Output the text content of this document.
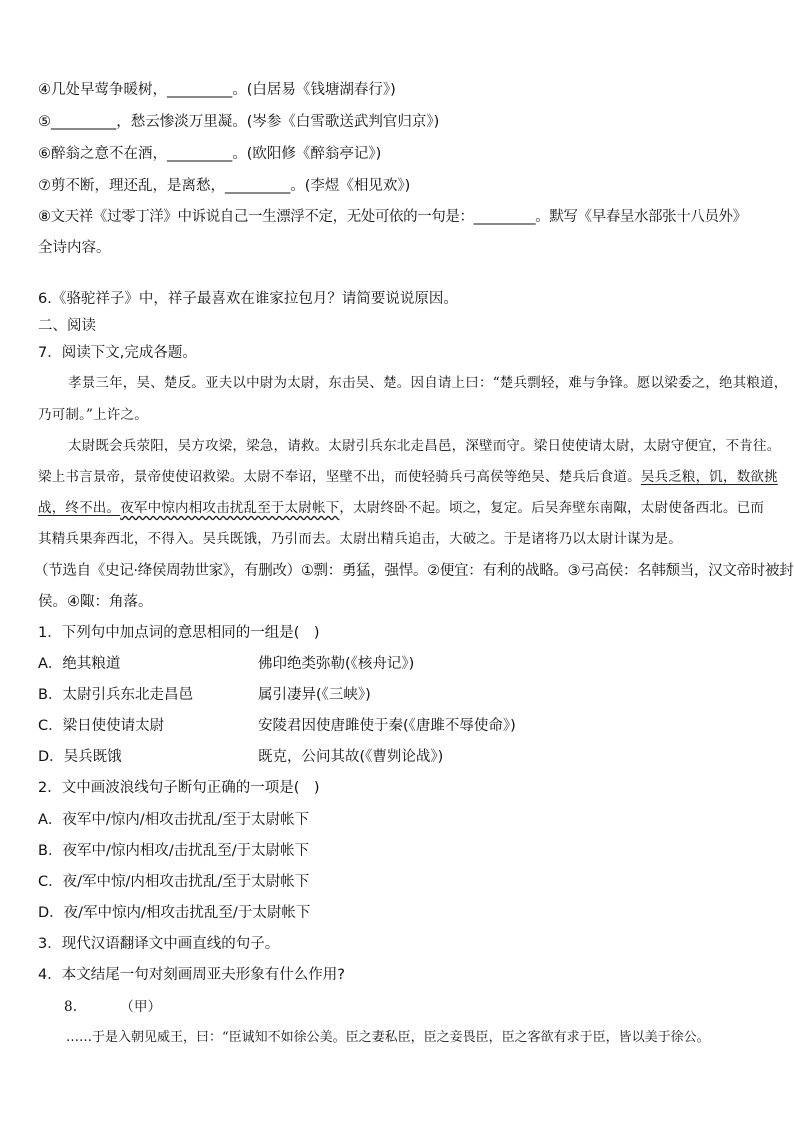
④几处早莺争暖树，_________。(白居易《钱塘湖春行》)
⑤_________，愁云惨淡万里凝。(岑参《白雪歌送武判官归京》)
⑥醉翁之意不在酒，_________。(欧阳修《醉翁亭记》)
⑦剪不断，理还乱，是离愁，_________。(李煜《相见欢》)
⑧文天祥《过零丁洋》中诉说自己一生漂浮不定，无处可依的一句是：_________。默写《早春呈水部张十八员外》
全诗内容。
6.《骆驼祥子》中，祥子最喜欢在谁家拉包月？请简要说说原因。
二、阅读
7．阅读下文,完成各题。
孝景三年，吴、楚反。亚夫以中尉为太尉，东击吴、楚。因自请上曰：“楚兵剽轻，难与争锋。愿以梁委之，绝其粮道，
乃可制。”上许之。
太尉既会兵荥阳，吴方攻梁，梁急，请救。太尉引兵东北走昌邑，深壁而守。梁日使使请太尉，太尉守便宜，不肯往。
梁上书言景帝，景帝使使诏救梁。太尉不奉诏，坚壁不出，而使轻骑兵弓高侯等绝吴、楚兵后食道。吴兵乏粮，饥，数欲挑
战，终不出。夜军中惊内相攻击扰乱至于太尉帐下，太尉终卧不起。顷之，复定。后吴奔壁东南陬，太尉使备西北。已而
其精兵果奔西北，不得入。吴兵既饿，乃引而去。太尉出精兵追击，大破之。于是诸将乃以太尉计谋为是。
（节选自《史记·绛侯周勃世家》，有删改）①剽：勇猛，强悍。②便宜：有利的战略。③弓高侯：名韩颓当，汉文帝时被封
侯。④陬：角落。
1．下列句中加点词的意思相同的一组是(　)
A．绝其粮道	佛印绝类弥勒(《核舟记》)
B．太尉引兵东北走昌邑	属引凄异(《三峡》)
C．梁日使使请太尉	安陵君因使唐雎使于秦(《唐雎不辱使命》)
D．吴兵既饿	既克，公问其故(《曹刿论战》)
2．文中画波浪线句子断句正确的一项是(　)
A．夜军中/惊内/相攻击扰乱/至于太尉帐下
B．夜军中/惊内相攻/击扰乱至/于太尉帐下
C．夜/军中惊/内相攻击扰乱/至于太尉帐下
D．夜/军中惊内/相攻击扰乱至/于太尉帐下
3．现代汉语翻译文中画直线的句子。
4．本文结尾一句对刻画周亚夫形象有什么作用?
8.	（甲）
……于是入朝见威王，曰：“臣诚知不如徐公美。臣之妻私臣，臣之妾畏臣，臣之客欲有求于臣，皆以美于徐公。
